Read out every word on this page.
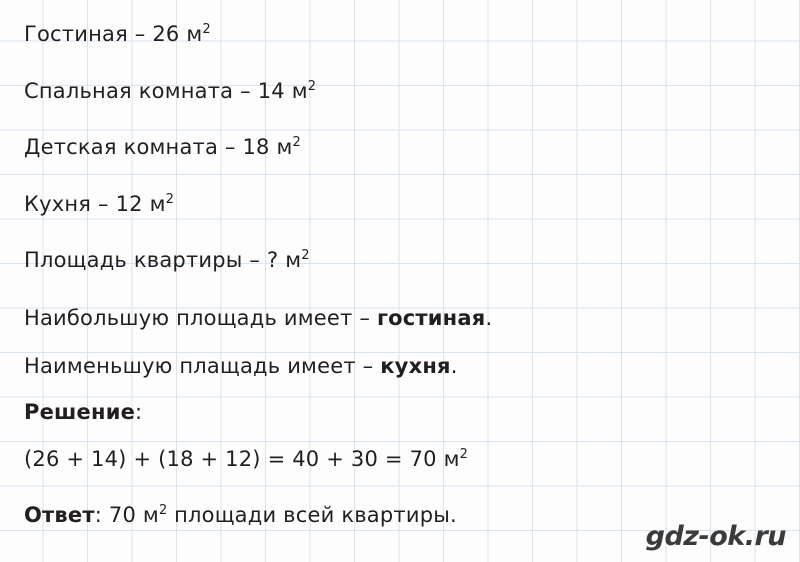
Гостиная – 26 $м^2$
Спальная комната – 14 $м^2$
Детская комната – 18 $м^2$
Кухня – 12 $м^2$
Площадь квартиры – ? $м^2$
Наибольшую площадь имеет – гостиная.
Наименьшую плащадь имеет – кухня.
Решение:
(26 + 14) + (18 + 12) = 40 + 30 = 70 $м^2$
Ответ: 70 $м^2$ площади всей квартиры.
gdz-ok.ru
